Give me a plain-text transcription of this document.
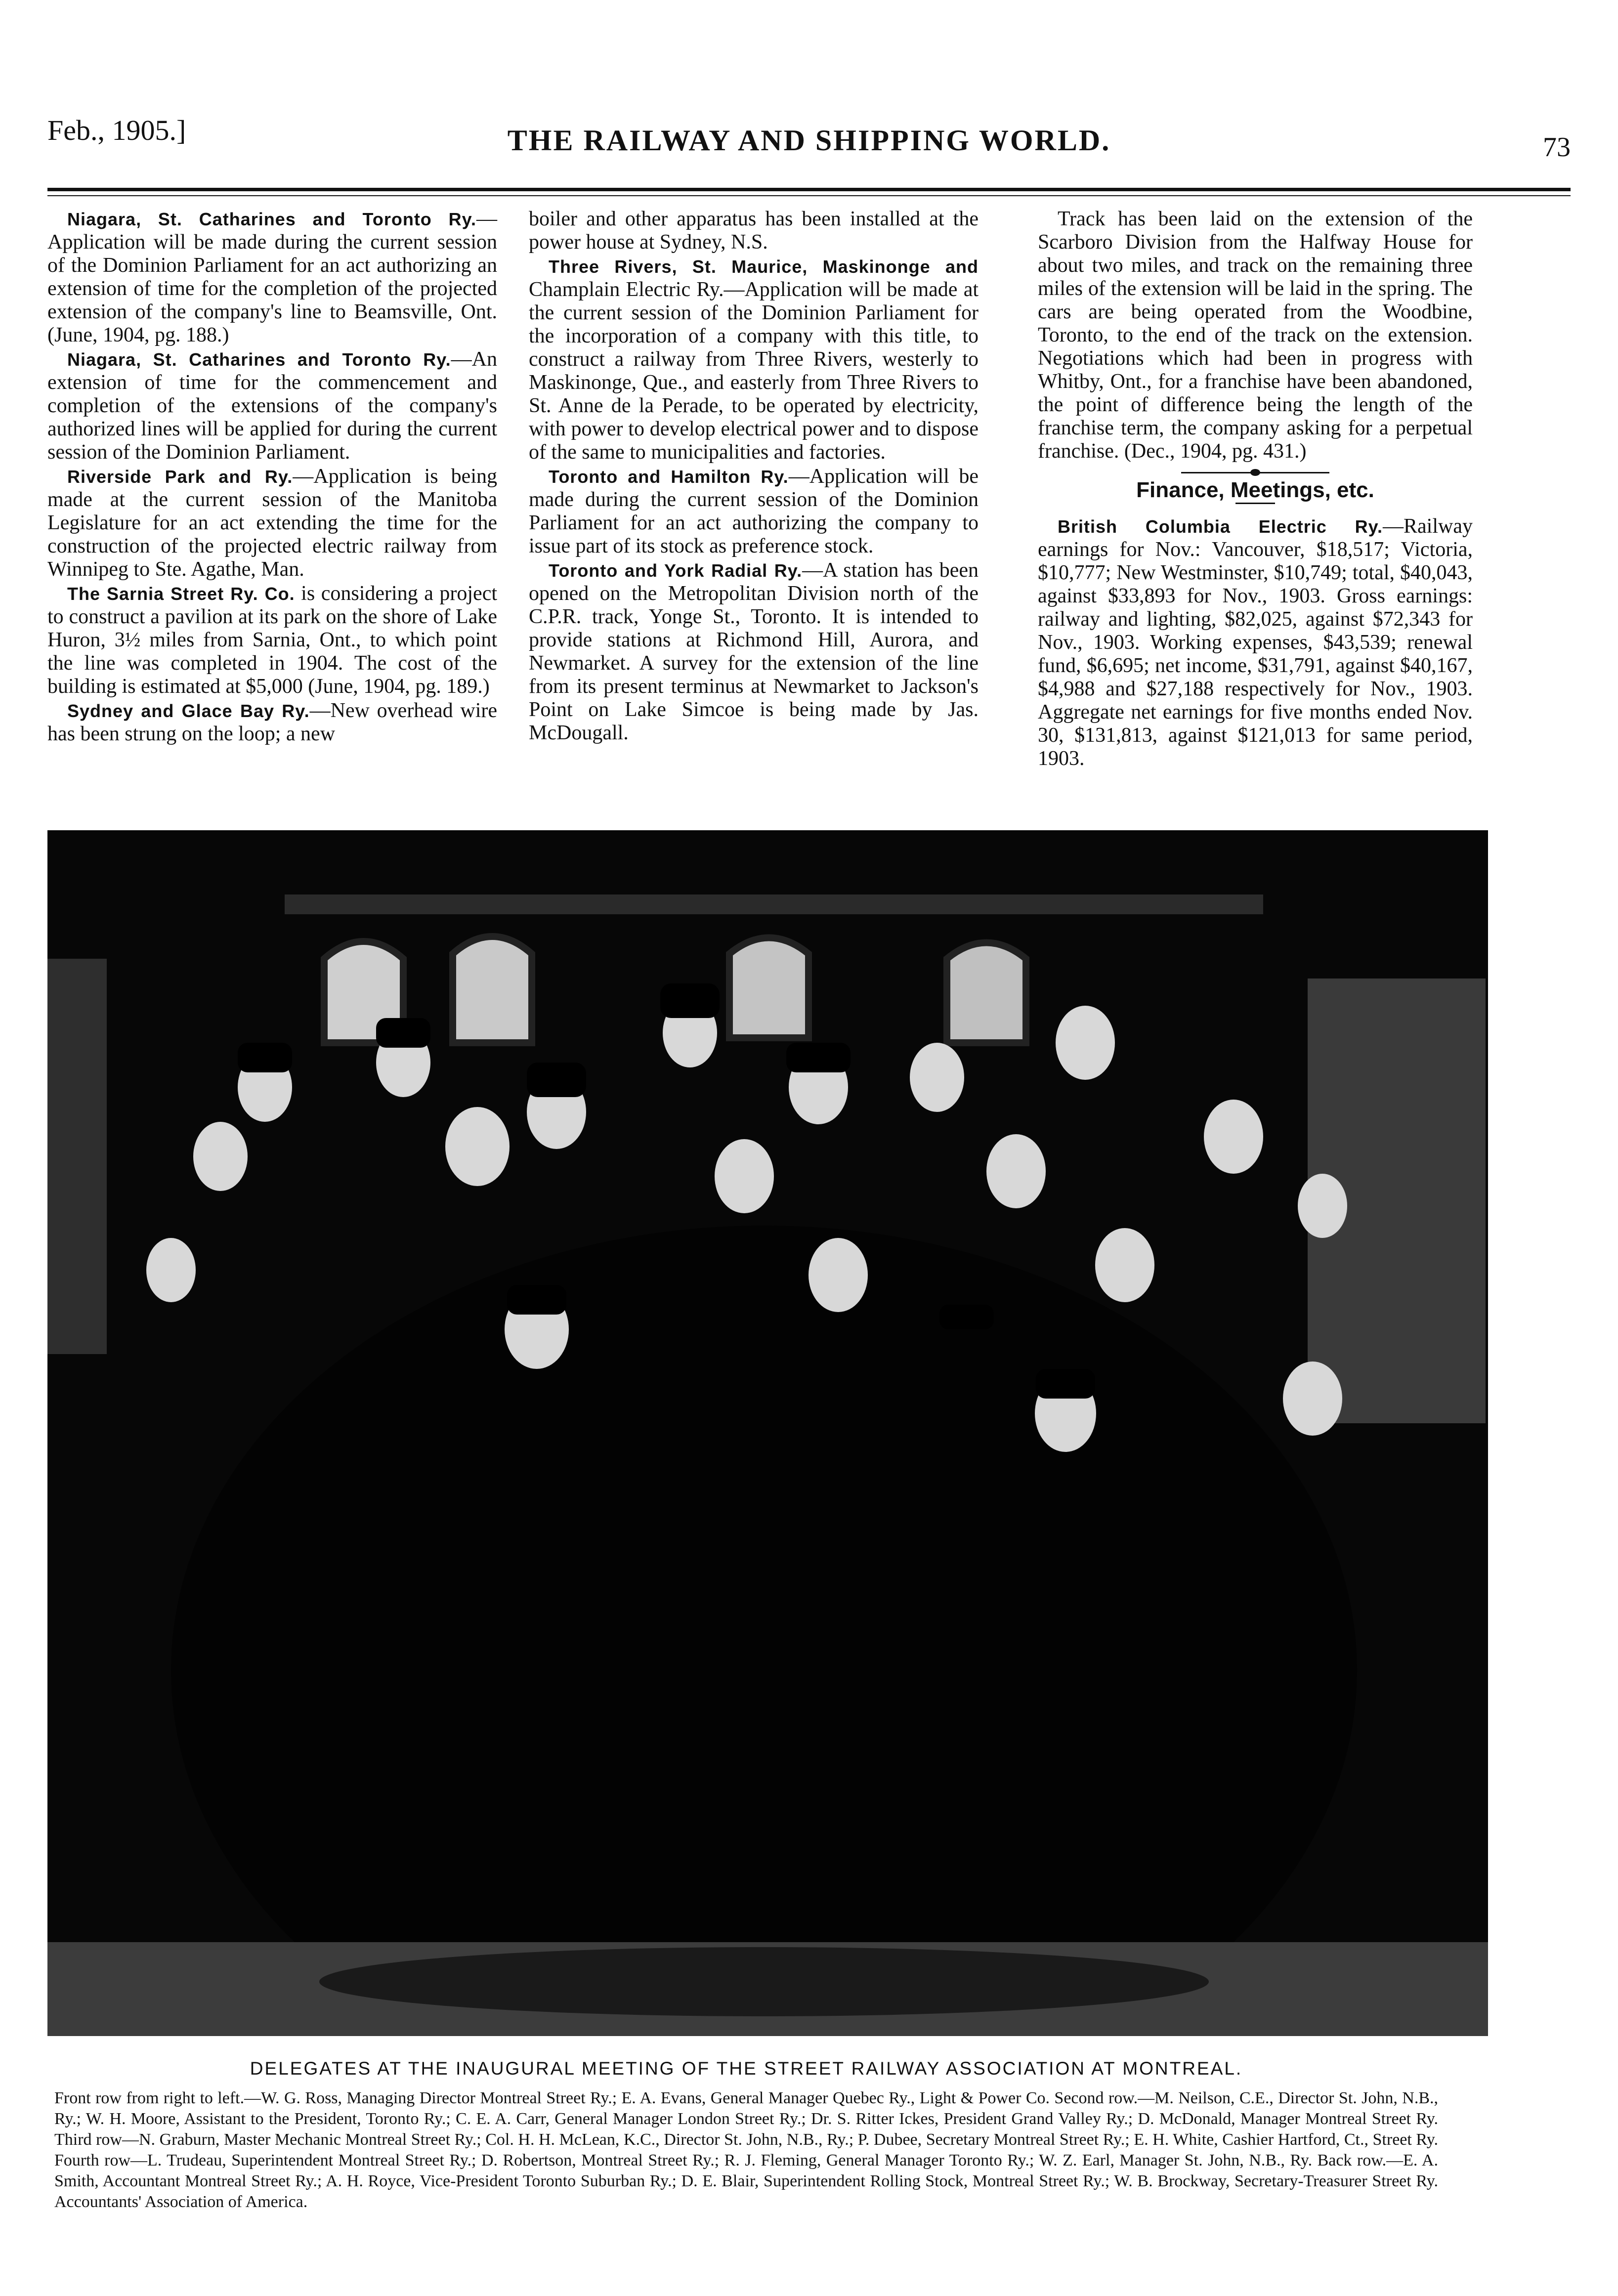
Feb., 1905.]	THE RAILWAY AND SHIPPING WORLD.	73

Niagara, St. Catharines and Toronto Ry.—Application will be made during the current session of the Dominion Parliament for an act authorizing an extension of time for the completion of the projected extension of the company's line to Beamsville, Ont. (June, 1904, pg. 188.)

Niagara, St. Catharines and Toronto Ry.—An extension of time for the commencement and completion of the extensions of the company's authorized lines will be applied for during the current session of the Dominion Parliament.

Riverside Park and Ry.—Application is being made at the current session of the Manitoba Legislature for an act extending the time for the construction of the projected electric railway from Winnipeg to Ste. Agathe, Man.

The Sarnia Street Ry. Co. is considering a project to construct a pavilion at its park on the shore of Lake Huron, 3½ miles from Sarnia, Ont., to which point the line was completed in 1904. The cost of the building is estimated at $5,000 (June, 1904, pg. 189.)

Sydney and Glace Bay Ry.—New overhead wire has been strung on the loop; a new

boiler and other apparatus has been installed at the power house at Sydney, N.S.

Three Rivers, St. Maurice, Maskinonge and Champlain Electric Ry.—Application will be made at the current session of the Dominion Parliament for the incorporation of a company with this title, to construct a railway from Three Rivers, westerly to Maskinonge, Que., and easterly from Three Rivers to St. Anne de la Perade, to be operated by electricity, with power to develop electrical power and to dispose of the same to municipalities and factories.

Toronto and Hamilton Ry.—Application will be made during the current session of the Dominion Parliament for an act authorizing the company to issue part of its stock as preference stock.

Toronto and York Radial Ry.—A station has been opened on the Metropolitan Division north of the C.P.R. track, Yonge St., Toronto. It is intended to provide stations at Richmond Hill, Aurora, and Newmarket. A survey for the extension of the line from its present terminus at Newmarket to Jackson's Point on Lake Simcoe is being made by Jas. McDougall.

Track has been laid on the extension of the Scarboro Division from the Halfway House for about two miles, and track on the remaining three miles of the extension will be laid in the spring. The cars are being operated from the Woodbine, Toronto, to the end of the track on the extension. Negotiations which had been in progress with Whitby, Ont., for a franchise have been abandoned, the point of difference being the length of the franchise term, the company asking for a perpetual franchise. (Dec., 1904, pg. 431.)

Finance, Meetings, etc.

British Columbia Electric Ry.—Railway earnings for Nov.: Vancouver, $18,517; Victoria, $10,777; New Westminster, $10,749; total, $40,043, against $33,893 for Nov., 1903. Gross earnings: railway and lighting, $82,025, against $72,343 for Nov., 1903. Working expenses, $43,539; renewal fund, $6,695; net income, $31,791, against $40,167, $4,988 and $27,188 respectively for Nov., 1903. Aggregate net earnings for five months ended Nov. 30, $131,813, against $121,013 for same period, 1903.

DELEGATES AT THE INAUGURAL MEETING OF THE STREET RAILWAY ASSOCIATION AT MONTREAL.
Front row from right to left.—W. G. Ross, Managing Director Montreal Street Ry.; E. A. Evans, General Manager Quebec Ry., Light & Power Co. Second row.—M. Neilson, C.E., Director St. John, N.B., Ry.; W. H. Moore, Assistant to the President, Toronto Ry.; C. E. A. Carr, General Manager London Street Ry.; Dr. S. Ritter Ickes, President Grand Valley Ry.; D. McDonald, Manager Montreal Street Ry. Third row—N. Graburn, Master Mechanic Montreal Street Ry.; Col. H. H. McLean, K.C., Director St. John, N.B., Ry.; P. Dubee, Secretary Montreal Street Ry.; E. H. White, Cashier Hartford, Ct., Street Ry. Fourth row—L. Trudeau, Superintendent Montreal Street Ry.; D. Robertson, Montreal Street Ry.; R. J. Fleming, General Manager Toronto Ry.; W. Z. Earl, Manager St. John, N.B., Ry. Back row.—E. A. Smith, Accountant Montreal Street Ry.; A. H. Royce, Vice-President Toronto Suburban Ry.; D. E. Blair, Superintendent Rolling Stock, Montreal Street Ry.; W. B. Brockway, Secretary-Treasurer Street Ry. Accountants' Association of America.
